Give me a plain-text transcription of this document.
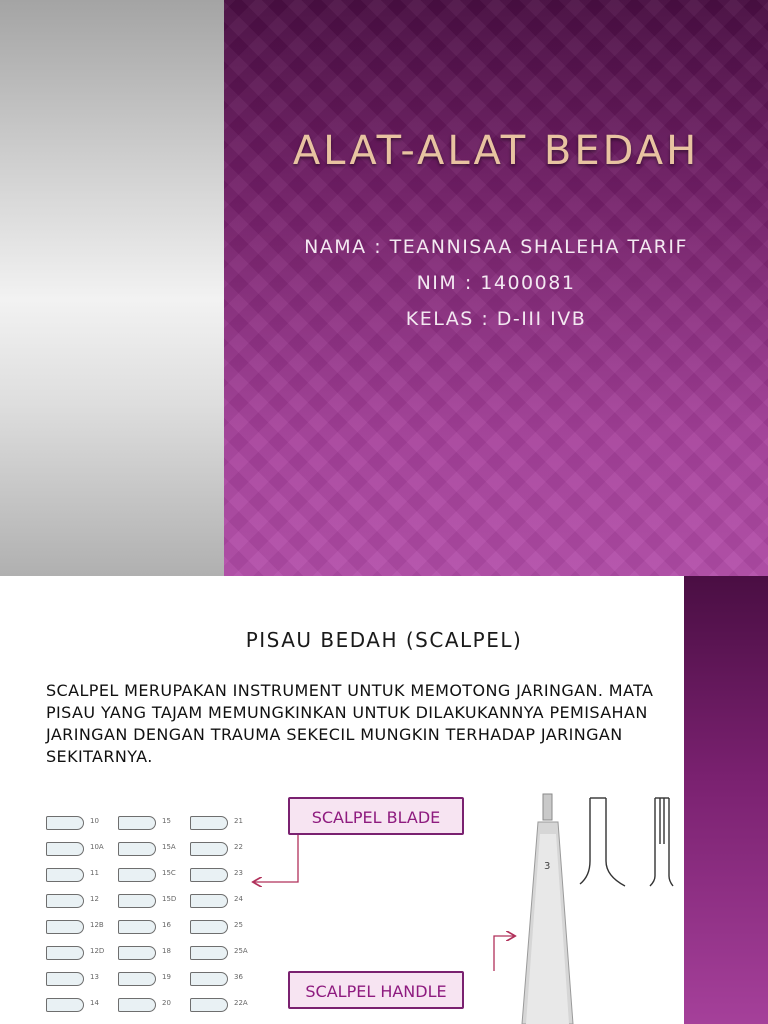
ALAT-ALAT BEDAH
NAMA : TEANNISAA SHALEHA TARIF
NIM : 1400081
KELAS : D-III IVB
PISAU BEDAH (SCALPEL)

SCALPEL MERUPAKAN INSTRUMENT UNTUK MEMOTONG JARINGAN. MATA PISAU YANG TAJAM MEMUNGKINKAN UNTUK DILAKUKANNYA PEMISAHAN JARINGAN DENGAN TRAUMA SEKECIL MUNGKIN TERHADAP JARINGAN SEKITARNYA.

10	15	21
10A	15A	22
11	15C	23
12	15D	24
12B	16	25
12D	18	25A
13	19	36
14	20	22A
3
SCALPEL BLADE
SCALPEL HANDLE
